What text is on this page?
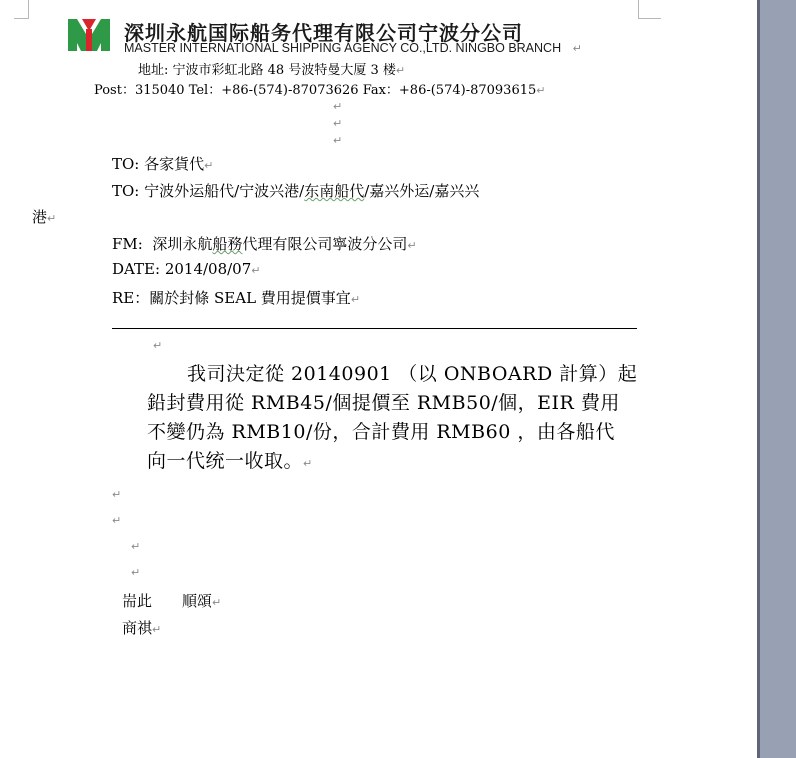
深圳永航国际船务代理有限公司宁波分公司
MASTER INTERNATIONAL SHIPPING AGENCY CO.,LTD. NINGBO BRANCH ↵
地址: 宁波市彩虹北路 48 号波特曼大厦 3 楼↵
Post：315040 Tel：+86-(574)-87073626 Fax：+86-(574)-87093615↵
↵
↵
↵
TO: 各家貨代↵
TO: 宁波外运船代/宁波兴港/东南船代/嘉兴外运/嘉兴兴
港↵
FM: 深圳永航船務代理有限公司寧波分公司↵
DATE: 2014/08/07↵
RE：關於封條 SEAL 費用提價事宜↵
↵
我司決定從 20140901 （以 ONBOARD 計算）起
鉛封費用從 RMB45/個提價至 RMB50/個，EIR 費用
不變仍為 RMB10/份，合計費用 RMB60 ，由各船代
向一代统一收取。↵
↵
↵
↵
↵
耑此 順頌↵
商祺↵
